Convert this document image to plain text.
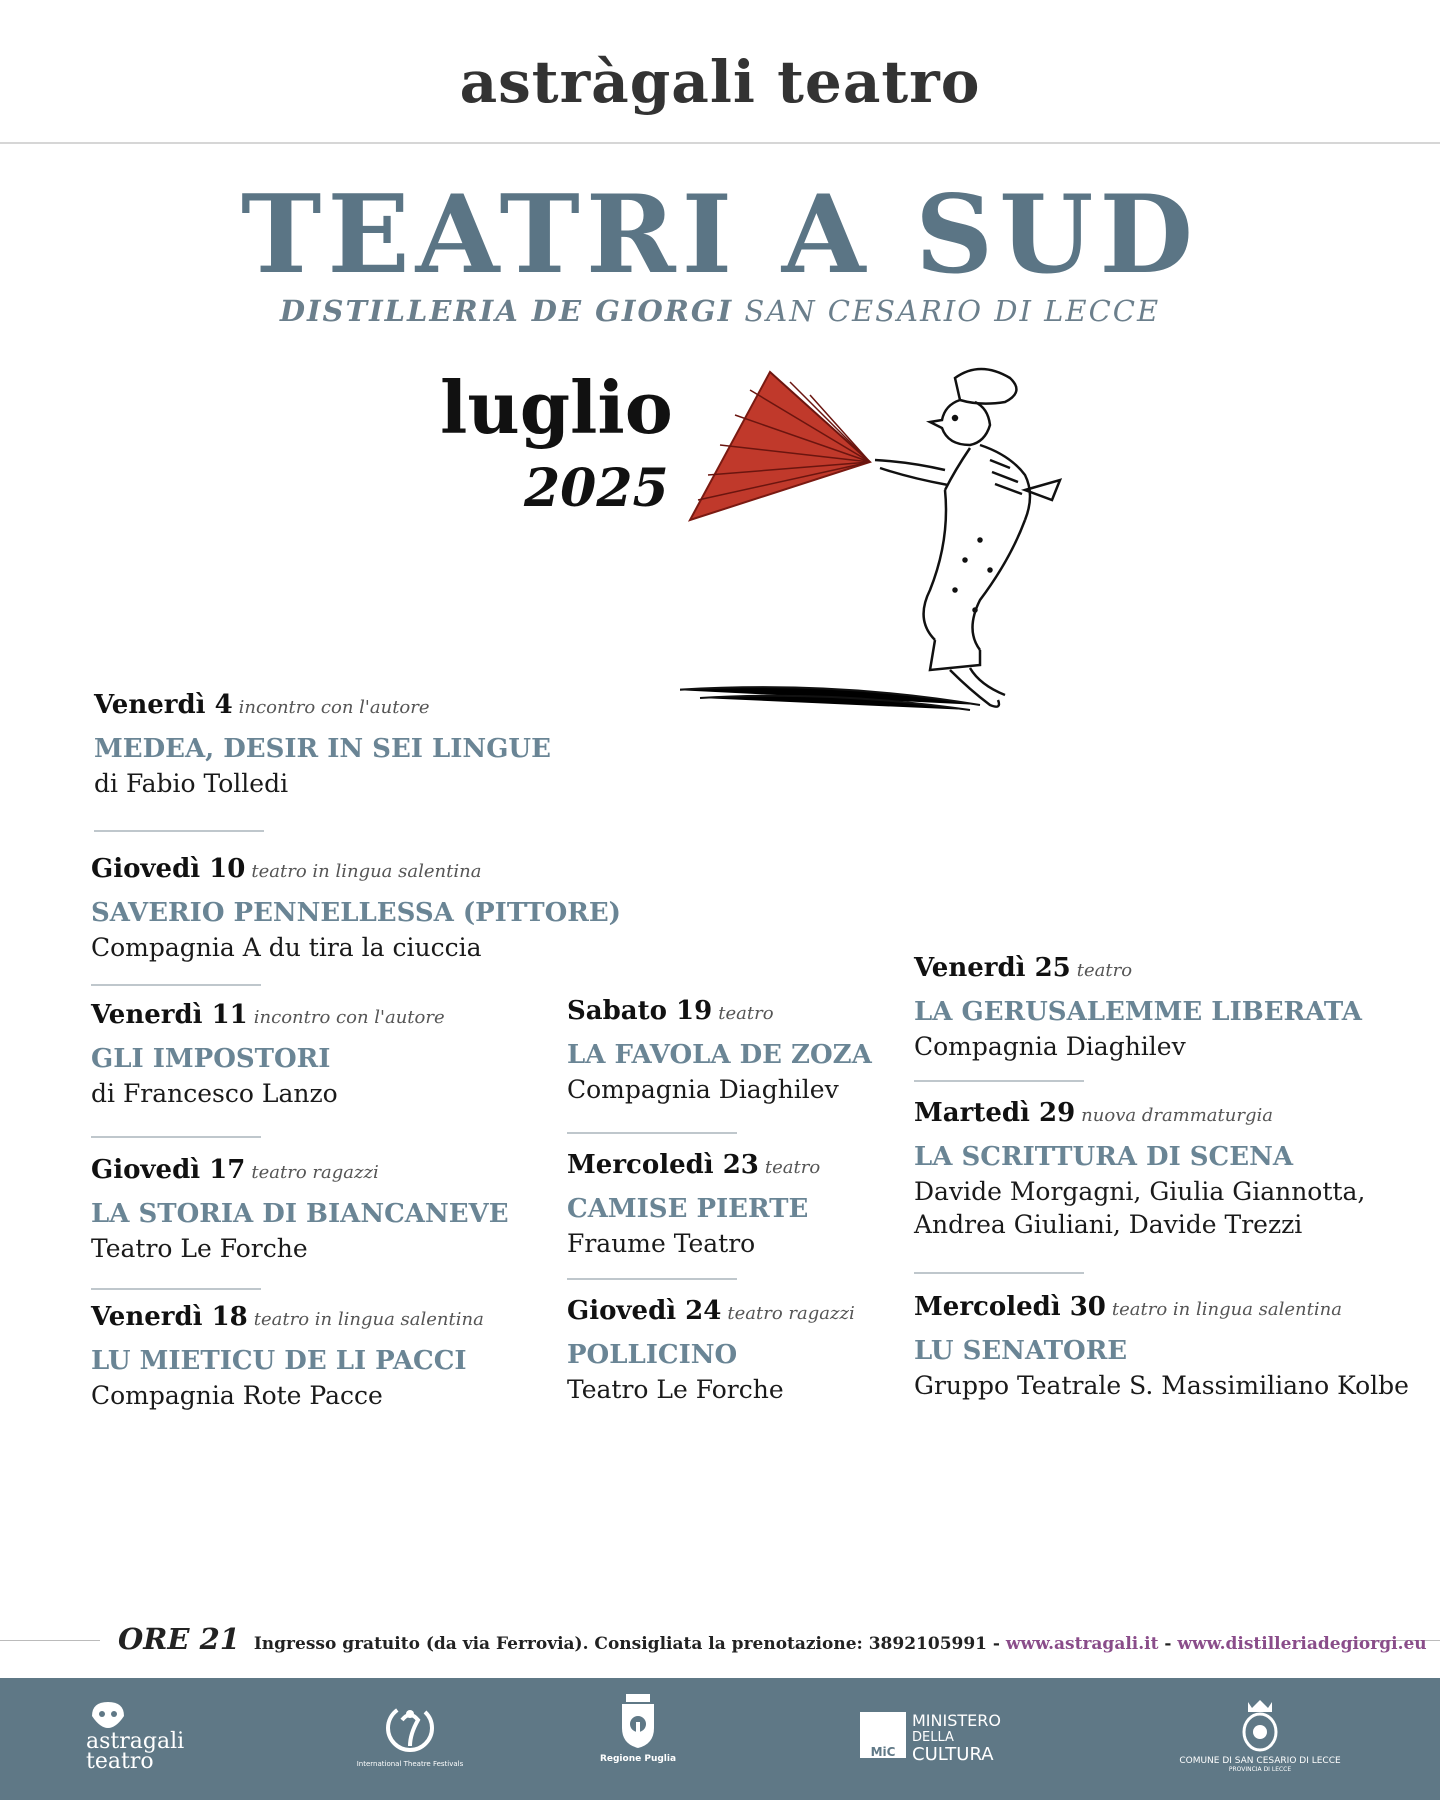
astràgali teatro
TEATRI A SUD
DISTILLERIA DE GIORGI SAN CESARIO DI LECCE
luglio
2025
Venerdì 4 incontro con l'autore
MEDEA, DESIR IN SEI LINGUE
di Fabio Tolledi
Giovedì 10 teatro in lingua salentina
SAVERIO PENNELLESSA (PITTORE)
Compagnia A du tira la ciuccia
Venerdì 11 incontro con l'autore
GLI IMPOSTORI
di Francesco Lanzo
Giovedì 17 teatro ragazzi
LA STORIA DI BIANCANEVE
Teatro Le Forche
Venerdì 18 teatro in lingua salentina
LU MIETICU DE LI PACCI
Compagnia Rote Pacce
Sabato 19 teatro
LA FAVOLA DE ZOZA
Compagnia Diaghilev
Mercoledì 23 teatro
CAMISE PIERTE
Fraume Teatro
Giovedì 24 teatro ragazzi
POLLICINO
Teatro Le Forche
Venerdì 25 teatro
LA GERUSALEMME LIBERATA
Compagnia Diaghilev
Martedì 29 nuova drammaturgia
LA SCRITTURA DI SCENA
Davide Morgagni, Giulia Giannotta, Andrea Giuliani, Davide Trezzi
Mercoledì 30 teatro in lingua salentina
LU SENATORE
Gruppo Teatrale S. Massimiliano Kolbe
ORE 21 Ingresso gratuito (da via Ferrovia). Consigliata la prenotazione: 3892105991 - www.astragali.it - www.distilleriadegiorgi.eu
astragali
teatro	International Theatre Festivals	Regione Puglia	MiC
MINISTERO
DELLA
CULTURA	COMUNE DI SAN CESARIO DI LECCE
PROVINCIA DI LECCE
